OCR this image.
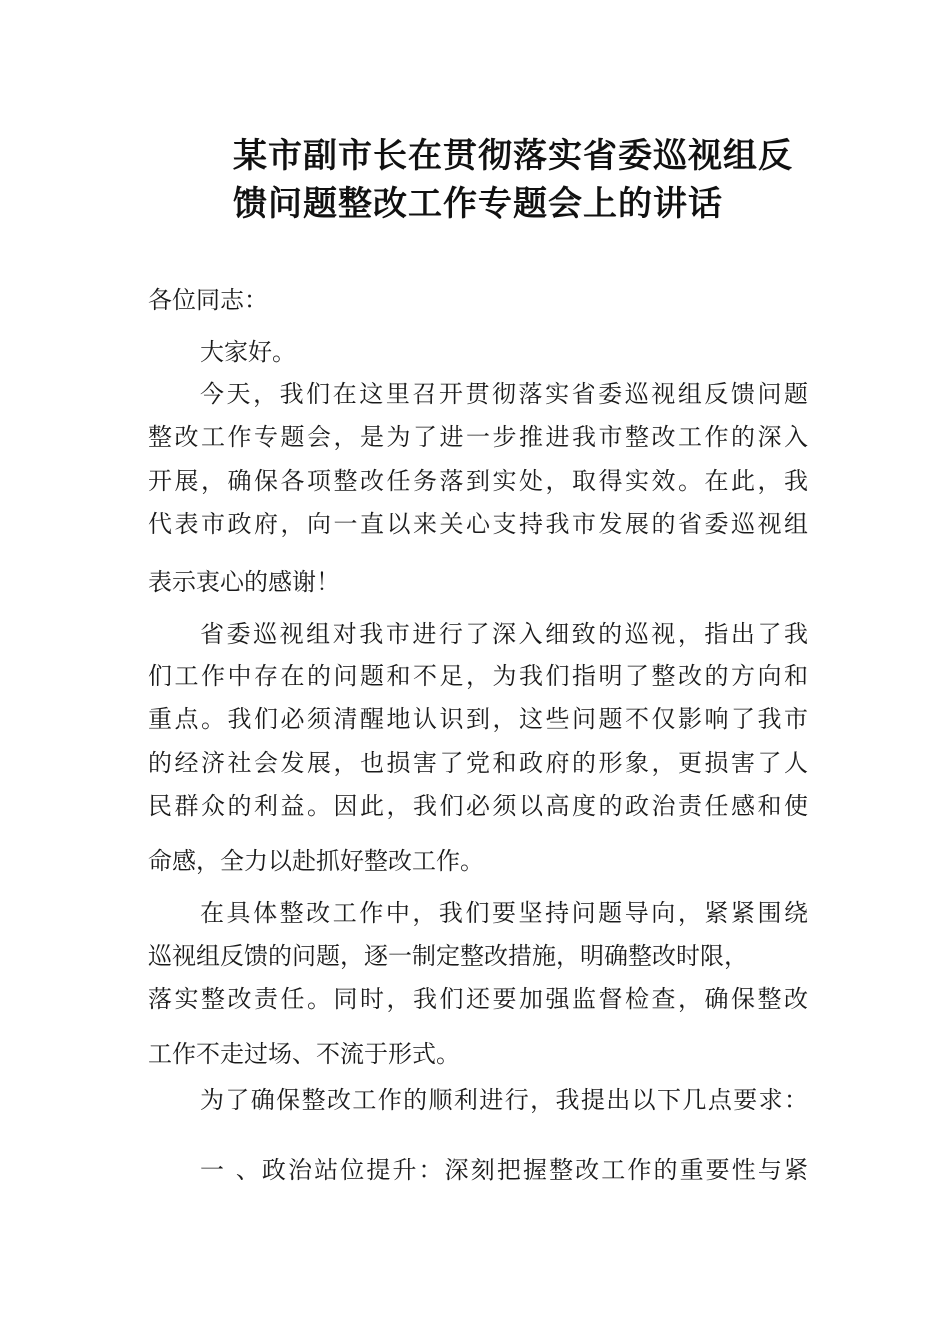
某市副市长在贯彻落实省委巡视组反
馈问题整改工作专题会上的讲话
各位同志：
大家好。
今天，我们在这里召开贯彻落实省委巡视组反馈问题
整改工作专题会，是为了进一步推进我市整改工作的深入
开展，确保各项整改任务落到实处，取得实效。在此，我
代表市政府，向一直以来关心支持我市发展的省委巡视组
表示衷心的感谢！
省委巡视组对我市进行了深入细致的巡视，指出了我
们工作中存在的问题和不足，为我们指明了整改的方向和
重点。我们必须清醒地认识到，这些问题不仅影响了我市
的经济社会发展，也损害了党和政府的形象，更损害了人
民群众的利益。因此，我们必须以高度的政治责任感和使
命感，全力以赴抓好整改工作。
在具体整改工作中，我们要坚持问题导向，紧紧围绕
巡视组反馈的问题，逐一制定整改措施，明确整改时限，
落实整改责任。同时，我们还要加强监督检查，确保整改
工作不走过场、不流于形式。
为了确保整改工作的顺利进行，我提出以下几点要求：
一 、政治站位提升：深刻把握整改工作的重要性与紧
